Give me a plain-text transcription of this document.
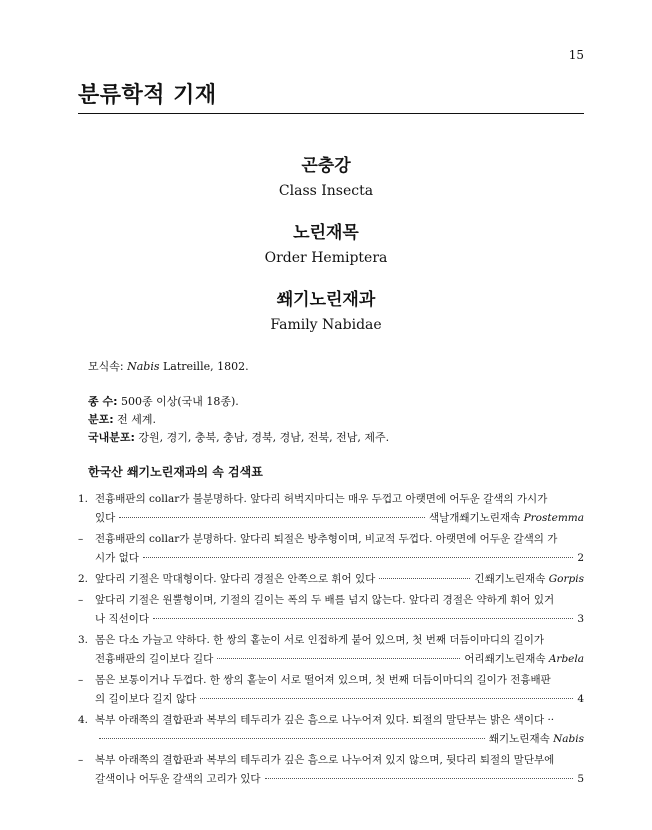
15
분류학적 기재
곤충강
Class Insecta
노린재목
Order Hemiptera
쐐기노린재과
Family Nabidae
모식속: Nabis Latreille, 1802.
종 수: 500종 이상(국내 18종).
분포: 전 세계.
국내분포: 강원, 경기, 충북, 충남, 경북, 경남, 전북, 전남, 제주.
한국산 쐐기노린재과의 속 검색표
1. 전흉배판의 collar가 불분명하다. 앞다리 허벅지마디는 매우 두껍고 아랫면에 어두운 갈색의 가시가
있다	색날개쐐기노린재속 Prostemma
– 전흉배판의 collar가 분명하다. 앞다리 퇴절은 방추형이며, 비교적 두껍다. 아랫면에 어두운 갈색의 가
시가 없다	2
2. 앞다리 기절은 막대형이다. 앞다리 경절은 안쪽으로 휘어 있다	긴쐐기노린재속 Gorpis
– 앞다리 기절은 원뿔형이며, 기절의 길이는 폭의 두 배를 넘지 않는다. 앞다리 경절은 약하게 휘어 있거
나 직선이다	3
3. 몸은 다소 가늘고 약하다. 한 쌍의 홑눈이 서로 인접하게 붙어 있으며, 첫 번째 더듬이마디의 길이가
전흉배판의 길이보다 길다	어리쐐기노린재속 Arbela
– 몸은 보통이거나 두껍다. 한 쌍의 홑눈이 서로 떨어져 있으며, 첫 번째 더듬이마디의 길이가 전흉배판
의 길이보다 길지 않다	4
4. 복부 아래쪽의 결합판과 복부의 테두리가 깊은 흠으로 나누어져 있다. 퇴절의 말단부는 밝은 색이다 ··
쐐기노린재속 Nabis
– 복부 아래쪽의 결합판과 복부의 테두리가 깊은 흠으로 나누어져 있지 않으며, 뒷다리 퇴절의 말단부에
갈색이나 어두운 갈색의 고리가 있다	5
